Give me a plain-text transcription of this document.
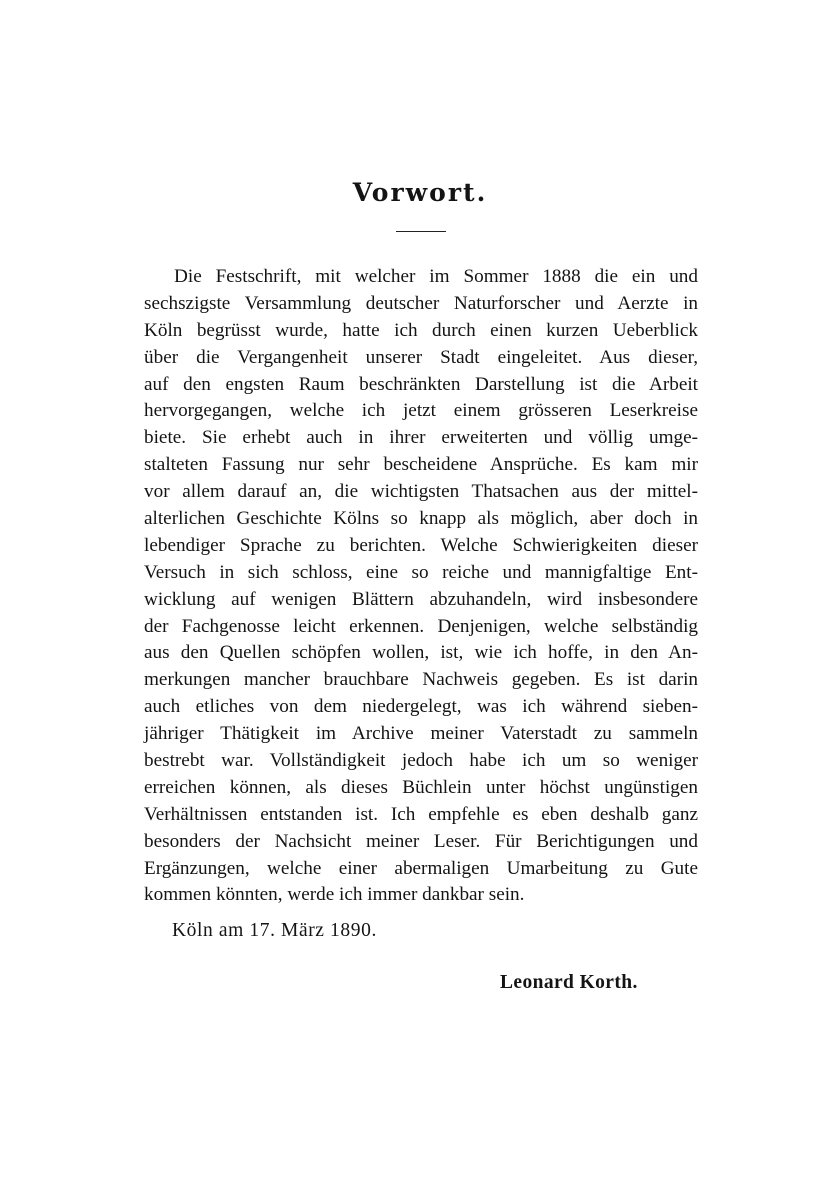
Vorwort.
Die Festschrift, mit welcher im Sommer 1888 die ein und
sechszigste Versammlung deutscher Naturforscher und Aerzte in
Köln begrüsst wurde, hatte ich durch einen kurzen Ueberblick
über die Vergangenheit unserer Stadt eingeleitet. Aus dieser,
auf den engsten Raum beschränkten Darstellung ist die Arbeit
hervorgegangen, welche ich jetzt einem grösseren Leserkreise
biete. Sie erhebt auch in ihrer erweiterten und völlig umge-
stalteten Fassung nur sehr bescheidene Ansprüche. Es kam mir
vor allem darauf an, die wichtigsten Thatsachen aus der mittel-
alterlichen Geschichte Kölns so knapp als möglich, aber doch in
lebendiger Sprache zu berichten. Welche Schwierigkeiten dieser
Versuch in sich schloss, eine so reiche und mannigfaltige Ent-
wicklung auf wenigen Blättern abzuhandeln, wird insbesondere
der Fachgenosse leicht erkennen. Denjenigen, welche selbständig
aus den Quellen schöpfen wollen, ist, wie ich hoffe, in den An-
merkungen mancher brauchbare Nachweis gegeben. Es ist darin
auch etliches von dem niedergelegt, was ich während sieben-
jähriger Thätigkeit im Archive meiner Vaterstadt zu sammeln
bestrebt war. Vollständigkeit jedoch habe ich um so weniger
erreichen können, als dieses Büchlein unter höchst ungünstigen
Verhältnissen entstanden ist. Ich empfehle es eben deshalb ganz
besonders der Nachsicht meiner Leser. Für Berichtigungen und
Ergänzungen, welche einer abermaligen Umarbeitung zu Gute
kommen könnten, werde ich immer dankbar sein.
Köln am 17. März 1890.
Leonard Korth.
